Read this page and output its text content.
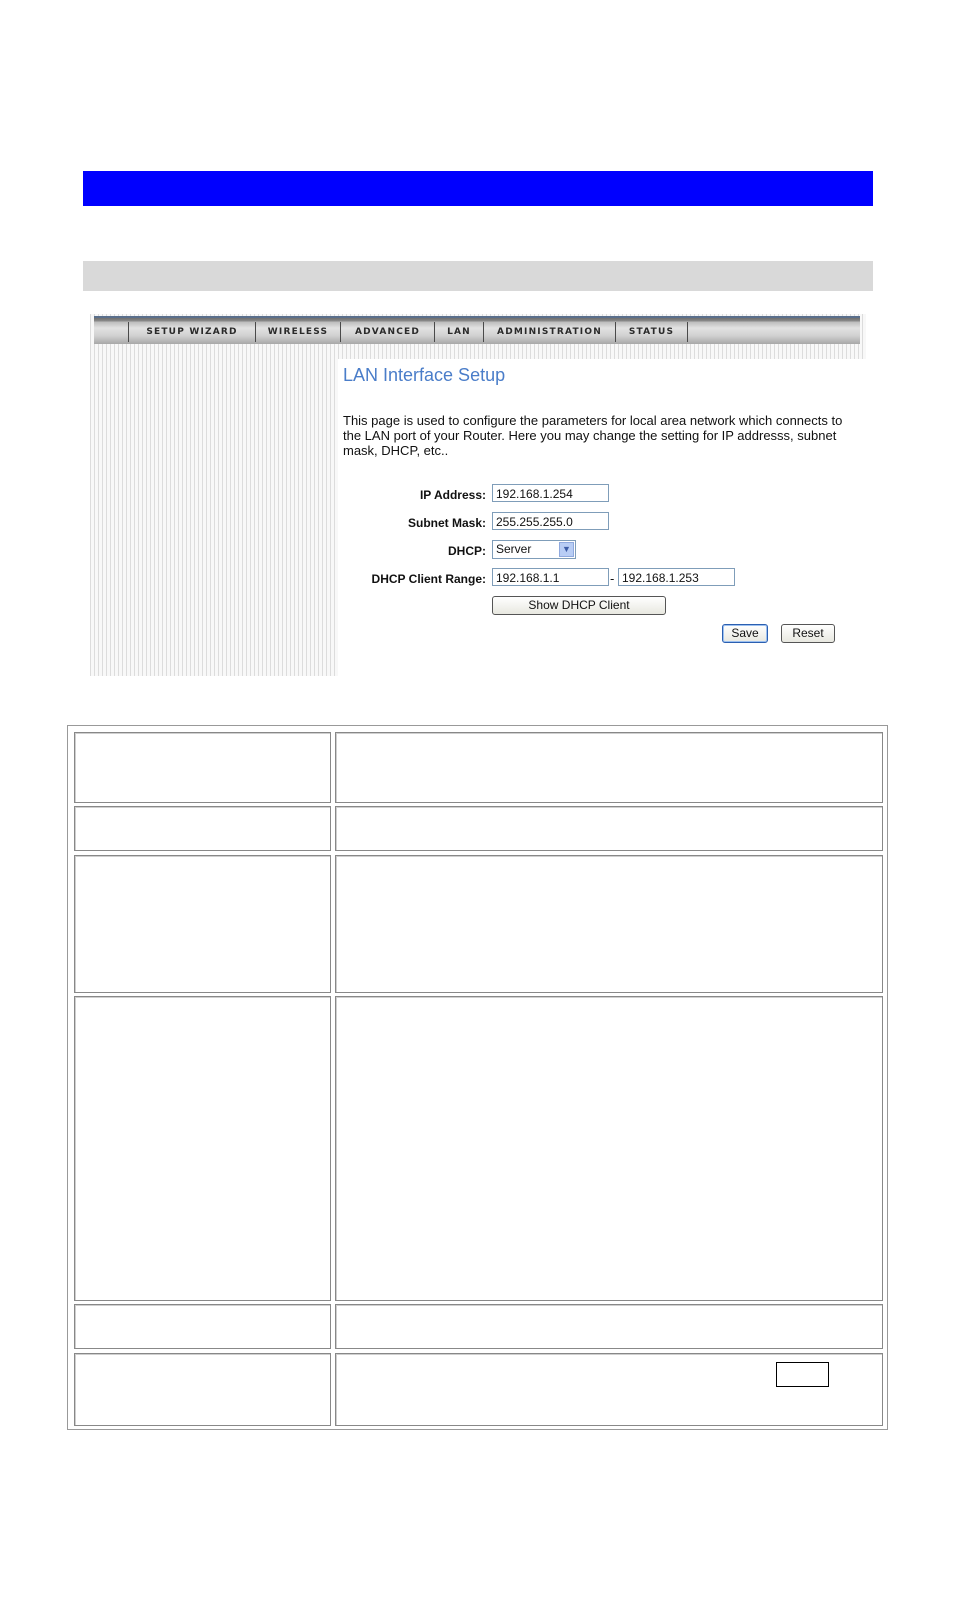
SETUP WIZARD	WIRELESS	ADVANCED	LAN	ADMINISTRATION	STATUS
LAN Interface Setup
This page is used to configure the parameters for local area network which connects to the LAN port of your Router. Here you may change the setting for IP addresss, subnet mask, DHCP, etc..
IP Address: 192.168.1.254
Subnet Mask: 255.255.255.0
DHCP: Server	▼
DHCP Client Range: 192.168.1.1	- 192.168.1.253
Show DHCP Client
Save	Reset
